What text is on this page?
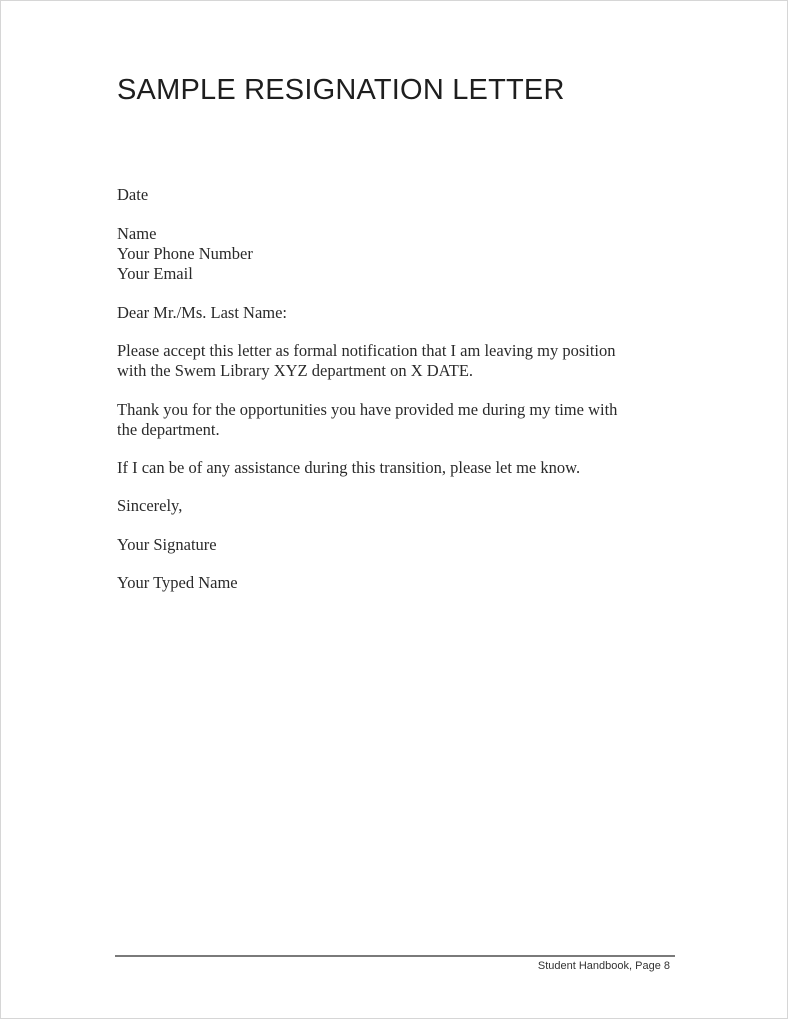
SAMPLE RESIGNATION LETTER
Date
Name
Your Phone Number
Your Email
Dear Mr./Ms. Last Name:
Please accept this letter as formal notification that I am leaving my position
with the Swem Library XYZ department on X DATE.
Thank you for the opportunities you have provided me during my time with
the department.
If I can be of any assistance during this transition, please let me know.
Sincerely,
Your Signature
Your Typed Name
Student Handbook, Page 8
